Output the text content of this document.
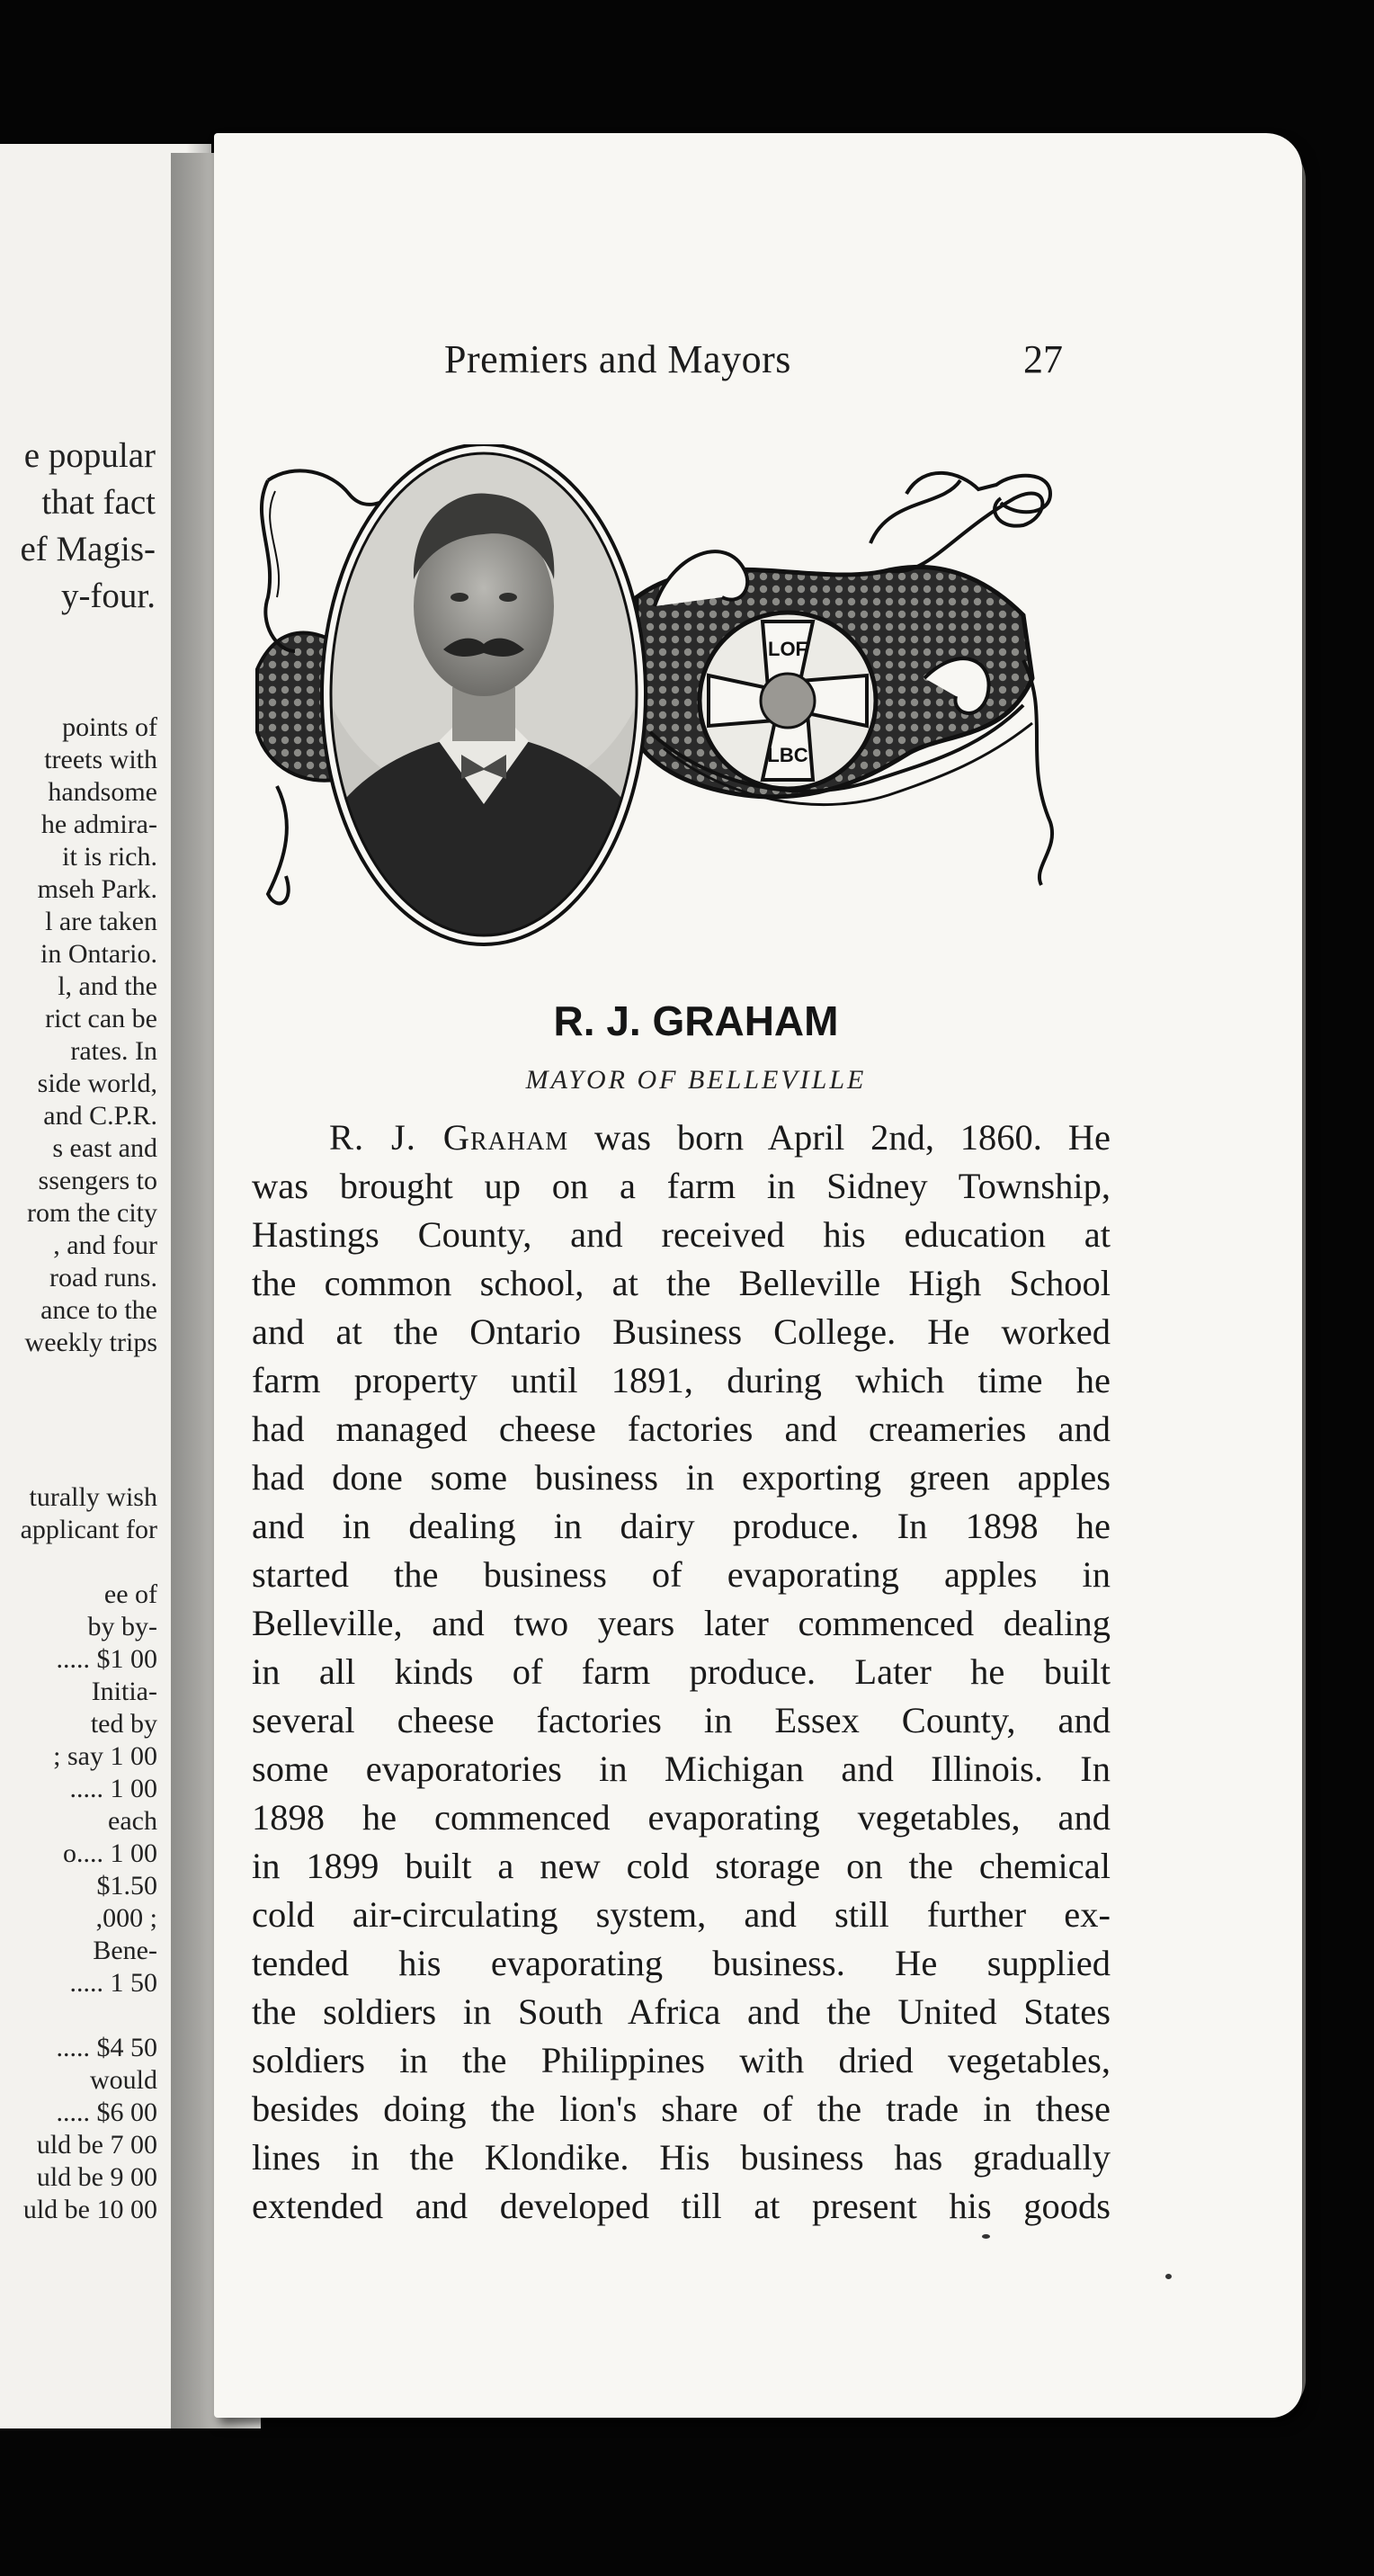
e popular
that fact
ef Magis-
y-four.
points of
treets with
handsome
he admira-
it is rich.
mseh Park.
l are taken
in Ontario.
l, and the
rict can be
rates. In
side world,
and C.P.R.
s east and
ssengers to
rom the city
, and four
road runs.
ance to the
weekly trips
turally wish
applicant for
ee of
by by-
..... $1 00
Initia-
ted by
; say 1 00
..... 1 00
each
o.... 1 00
$1.50
,000 ;
Bene-
..... 1 50
..... $4 50
would
..... $6 00
uld be 7 00
uld be 9 00
uld be 10 00
Premiers and Mayors	27
LOF
LBC
R. J. GRAHAM
MAYOR OF BELLEVILLE
R. J. Graham was born April 2nd, 1860. He
was brought up on a farm in Sidney Township,
Hastings County, and received his education at
the common school, at the Belleville High School
and at the Ontario Business College. He worked
farm property until 1891, during which time he
had managed cheese factories and creameries and
had done some business in exporting green apples
and in dealing in dairy produce. In 1898 he
started the business of evaporating apples in
Belleville, and two years later commenced dealing
in all kinds of farm produce. Later he built
several cheese factories in Essex County, and
some evaporatories in Michigan and Illinois. In
1898 he commenced evaporating vegetables, and
in 1899 built a new cold storage on the chemical
cold air-circulating system, and still further ex-
tended his evaporating business. He supplied
the soldiers in South Africa and the United States
soldiers in the Philippines with dried vegetables,
besides doing the lion's share of the trade in these
lines in the Klondike. His business has gradually
extended and developed till at present his goods
